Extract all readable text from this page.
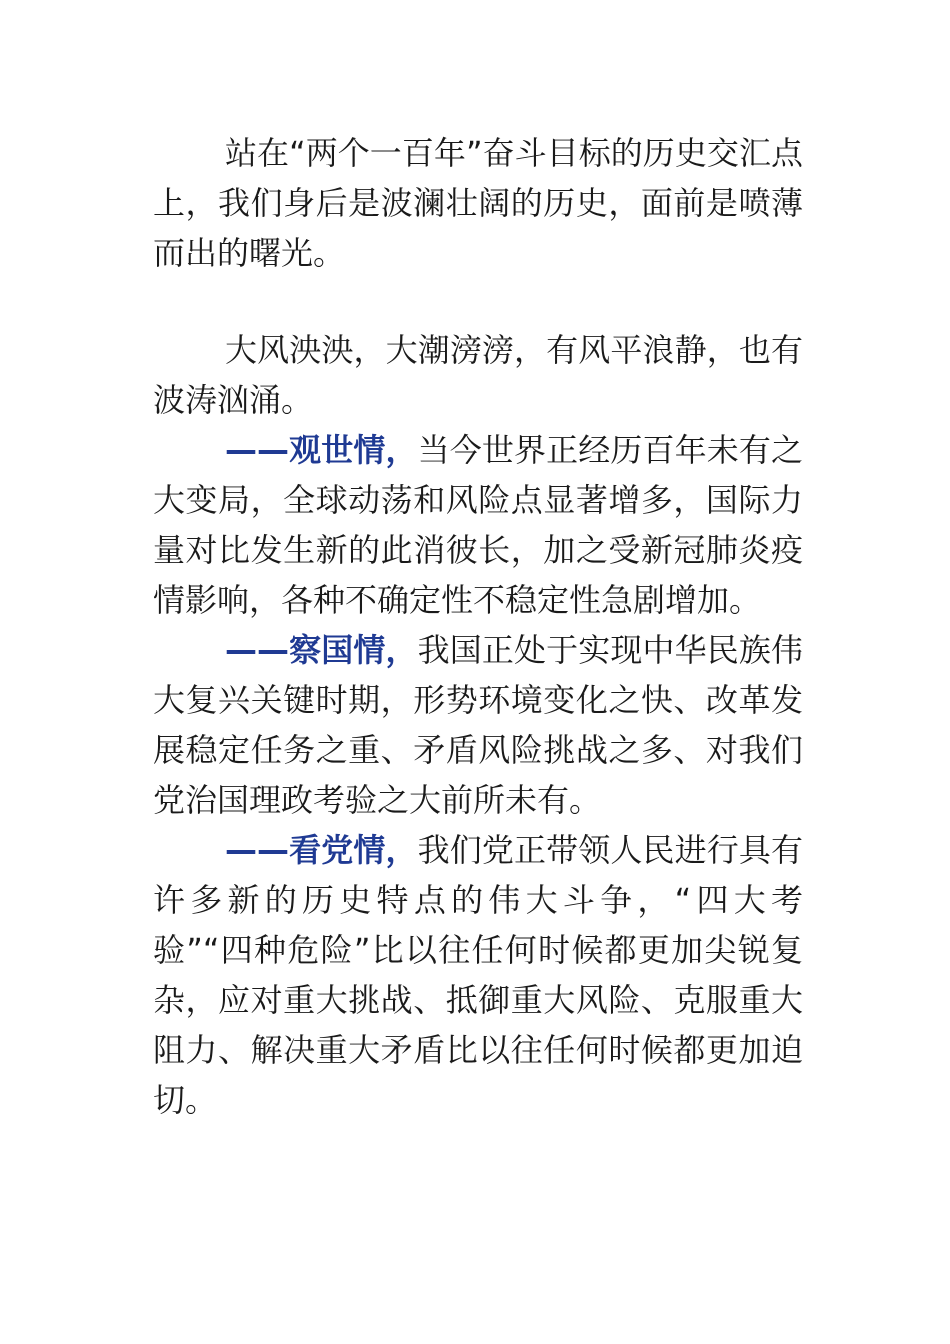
站在“两个一百年”奋斗目标的历史交汇点上，我们身后是波澜壮阔的历史，面前是喷薄而出的曙光。

大风泱泱，大潮滂滂，有风平浪静，也有波涛汹涌。

——观世情，当今世界正经历百年未有之大变局，全球动荡和风险点显著增多，国际力量对比发生新的此消彼长，加之受新冠肺炎疫情影响，各种不确定性不稳定性急剧增加。

——察国情，我国正处于实现中华民族伟大复兴关键时期，形势环境变化之快、改革发展稳定任务之重、矛盾风险挑战之多、对我们党治国理政考验之大前所未有。

——看党情，我们党正带领人民进行具有许多新的历史特点的伟大斗争，“四大考验”“四种危险”比以往任何时候都更加尖锐复杂，应对重大挑战、抵御重大风险、克服重大阻力、解决重大矛盾比以往任何时候都更加迫切。
